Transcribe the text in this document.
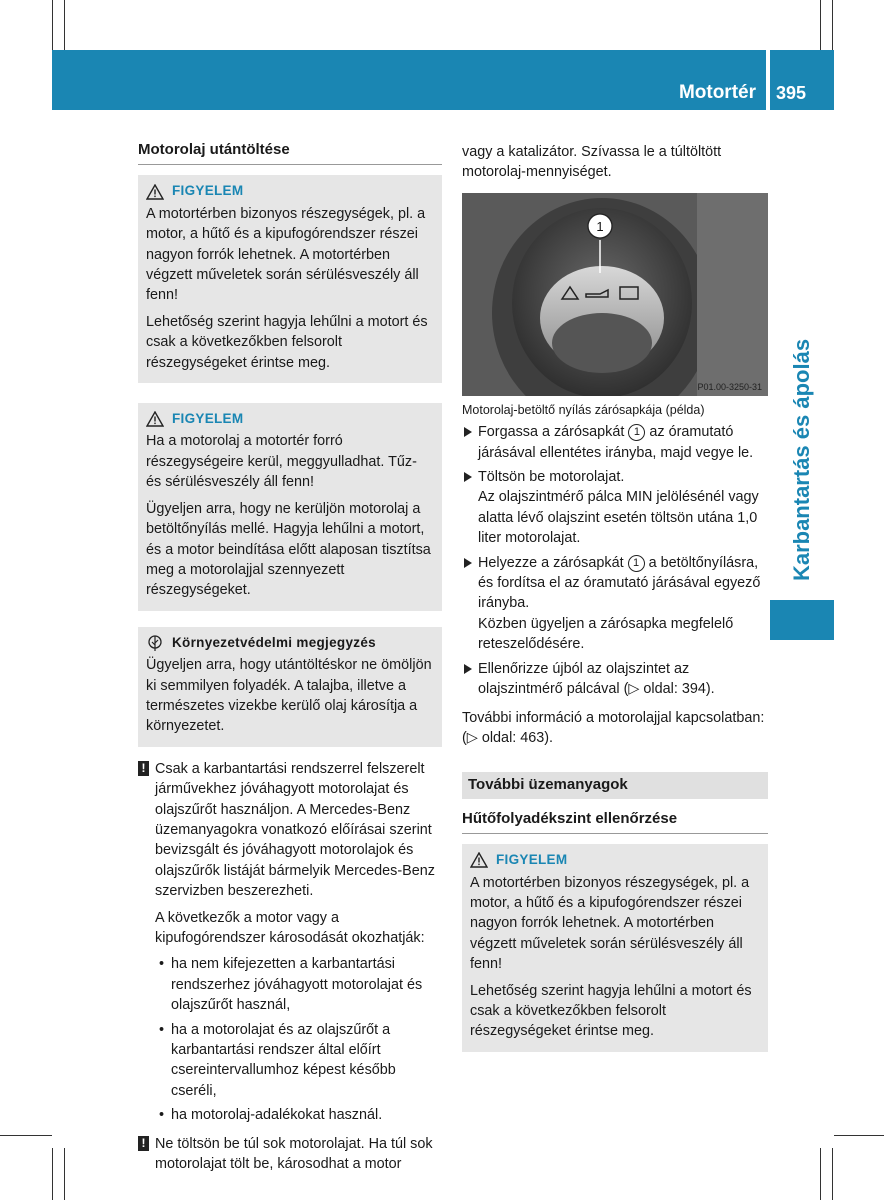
Motortér 395
Karbantartás és ápolás
Motorolaj utántöltése
FIGYELEM

A motortérben bizonyos részegységek, pl. a motor, a hűtő és a kipufogórendszer részei nagyon forrók lehetnek. A motortérben végzett műveletek során sérülésveszély áll fenn!

Lehetőség szerint hagyja lehűlni a motort és csak a következőkben felsorolt részegységeket érintse meg.

FIGYELEM

Ha a motorolaj a motortér forró részegységeire kerül, meggyulladhat. Tűz- és sérülésveszély áll fenn!

Ügyeljen arra, hogy ne kerüljön motorolaj a betöltőnyílás mellé. Hagyja lehűlni a motort, és a motor beindítása előtt alaposan tisztítsa meg a motorolajjal szennyezett részegységeket.

Környezetvédelmi megjegyzés

Ügyeljen arra, hogy utántöltéskor ne ömöljön ki semmilyen folyadék. A talajba, illetve a természetes vizekbe kerülő olaj károsítja a környezetet.

! Csak a karbantartási rendszerrel felszerelt járművekhez jóváhagyott motorolajat és olajszűrőt használjon. A Mercedes-Benz üzemanyagokra vonatkozó előírásai szerint bevizsgált és jóváhagyott motorolajok és olajszűrők listáját bármelyik Mercedes-Benz szervizben beszerezheti.

A következők a motor vagy a kipufogórendszer károsodását okozhatják:

• ha nem kifejezetten a karbantartási rendszerhez jóváhagyott motorolajat és olajszűrőt használ,
• ha a motorolajat és az olajszűrőt a karbantartási rendszer által előírt csereintervallumhoz képest később cseréli,
• ha motorolaj-adalékokat használ.
! Ne töltsön be túl sok motorolajat. Ha túl sok motorolajat tölt be, károsodhat a motor

vagy a katalizátor. Szívassa le a túltöltött motorolaj-mennyiséget.

1
P01.00-3250-31
Motorolaj-betöltő nyílás zárósapkája (példa)
Forgassa a zárósapkát 1 az óramutató járásával ellentétes irányba, majd vegye le.
Töltsön be motorolajat.
Az olajszintmérő pálca MIN jelölésénél vagy alatta lévő olajszint esetén töltsön utána 1,0 liter motorolajat.
Helyezze a zárósapkát 1 a betöltőnyílásra, és fordítsa el az óramutató járásával egyező irányba.
Közben ügyeljen a zárósapka megfelelő reteszelődésére.
Ellenőrizze újból az olajszintet az olajszintmérő pálcával (▷ oldal: 394).

További információ a motorolajjal kapcsolatban: (▷ oldal: 463).

További üzemanyagok
Hűtőfolyadékszint ellenőrzése
FIGYELEM

A motortérben bizonyos részegységek, pl. a motor, a hűtő és a kipufogórendszer részei nagyon forrók lehetnek. A motortérben végzett műveletek során sérülésveszély áll fenn!

Lehetőség szerint hagyja lehűlni a motort és csak a következőkben felsorolt részegységeket érintse meg.
